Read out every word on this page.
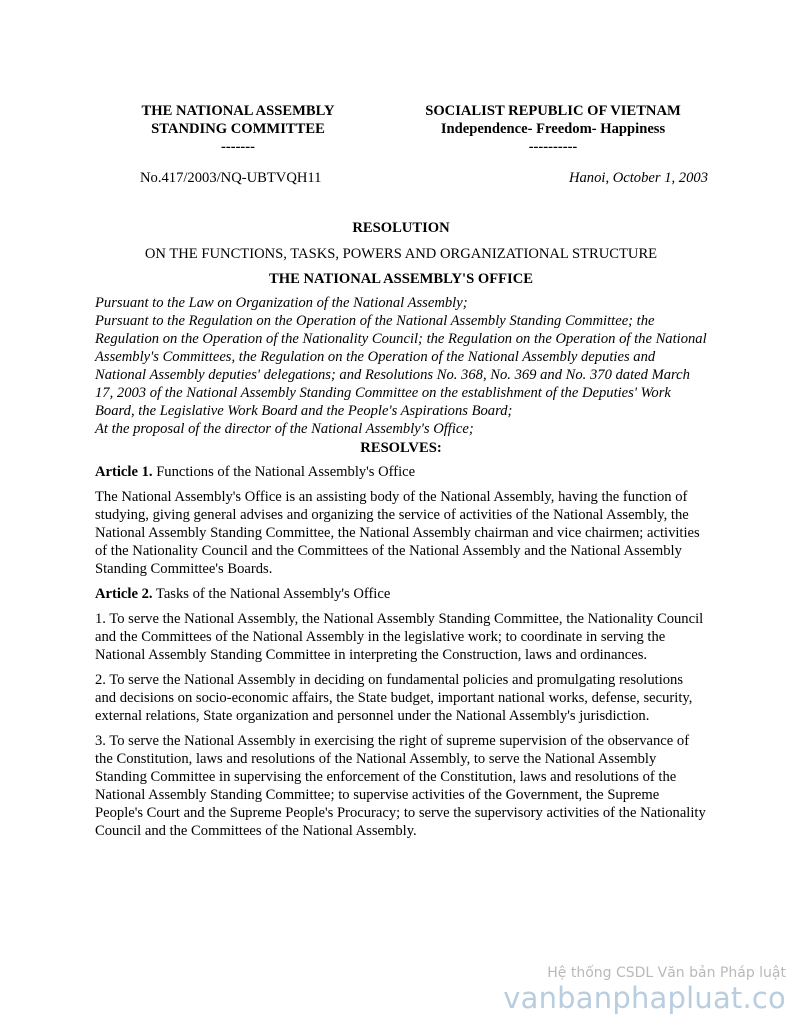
THE NATIONAL ASSEMBLY
STANDING COMMITTEE
-------
SOCIALIST REPUBLIC OF VIETNAM
Independence- Freedom- Happiness
----------
No.417/2003/NQ-UBTVQH11	Hanoi, October 1, 2003
RESOLUTION
ON THE FUNCTIONS, TASKS, POWERS AND ORGANIZATIONAL STRUCTURE
THE NATIONAL ASSEMBLY'S OFFICE
Pursuant to the Law on Organization of the National Assembly;
Pursuant to the Regulation on the Operation of the National Assembly Standing Committee; the Regulation on the Operation of the Nationality Council; the Regulation on the Operation of the National Assembly's Committees, the Regulation on the Operation of the National Assembly deputies and National Assembly deputies' delegations; and Resolutions No. 368, No. 369 and No. 370 dated March 17, 2003 of the National Assembly Standing Committee on the establishment of the Deputies' Work Board, the Legislative Work Board and the People's Aspirations Board;
At the proposal of the director of the National Assembly's Office;
RESOLVES:
Article 1. Functions of the National Assembly's Office

The National Assembly's Office is an assisting body of the National Assembly, having the function of studying, giving general advises and organizing the service of activities of the National Assembly, the National Assembly Standing Committee, the National Assembly chairman and vice chairmen; activities of the Nationality Council and the Committees of the National Assembly and the National Assembly Standing Committee's Boards.

Article 2. Tasks of the National Assembly's Office

1. To serve the National Assembly, the National Assembly Standing Committee, the Nationality Council and the Committees of the National Assembly in the legislative work; to coordinate in serving the National Assembly Standing Committee in interpreting the Construction, laws and ordinances.

2. To serve the National Assembly in deciding on fundamental policies and promulgating resolutions and decisions on socio-economic affairs, the State budget, important national works, defense, security, external relations, State organization and personnel under the National Assembly's jurisdiction.

3. To serve the National Assembly in exercising the right of supreme supervision of the observance of the Constitution, laws and resolutions of the National Assembly, to serve the National Assembly Standing Committee in supervising the enforcement of the Constitution, laws and resolutions of the National Assembly Standing Committee; to supervise activities of the Government, the Supreme People's Court and the Supreme People's Procuracy; to serve the supervisory activities of the Nationality Council and the Committees of the National Assembly.

Hệ thống CSDL Văn bản Pháp luật
vanbanphapluat.co
